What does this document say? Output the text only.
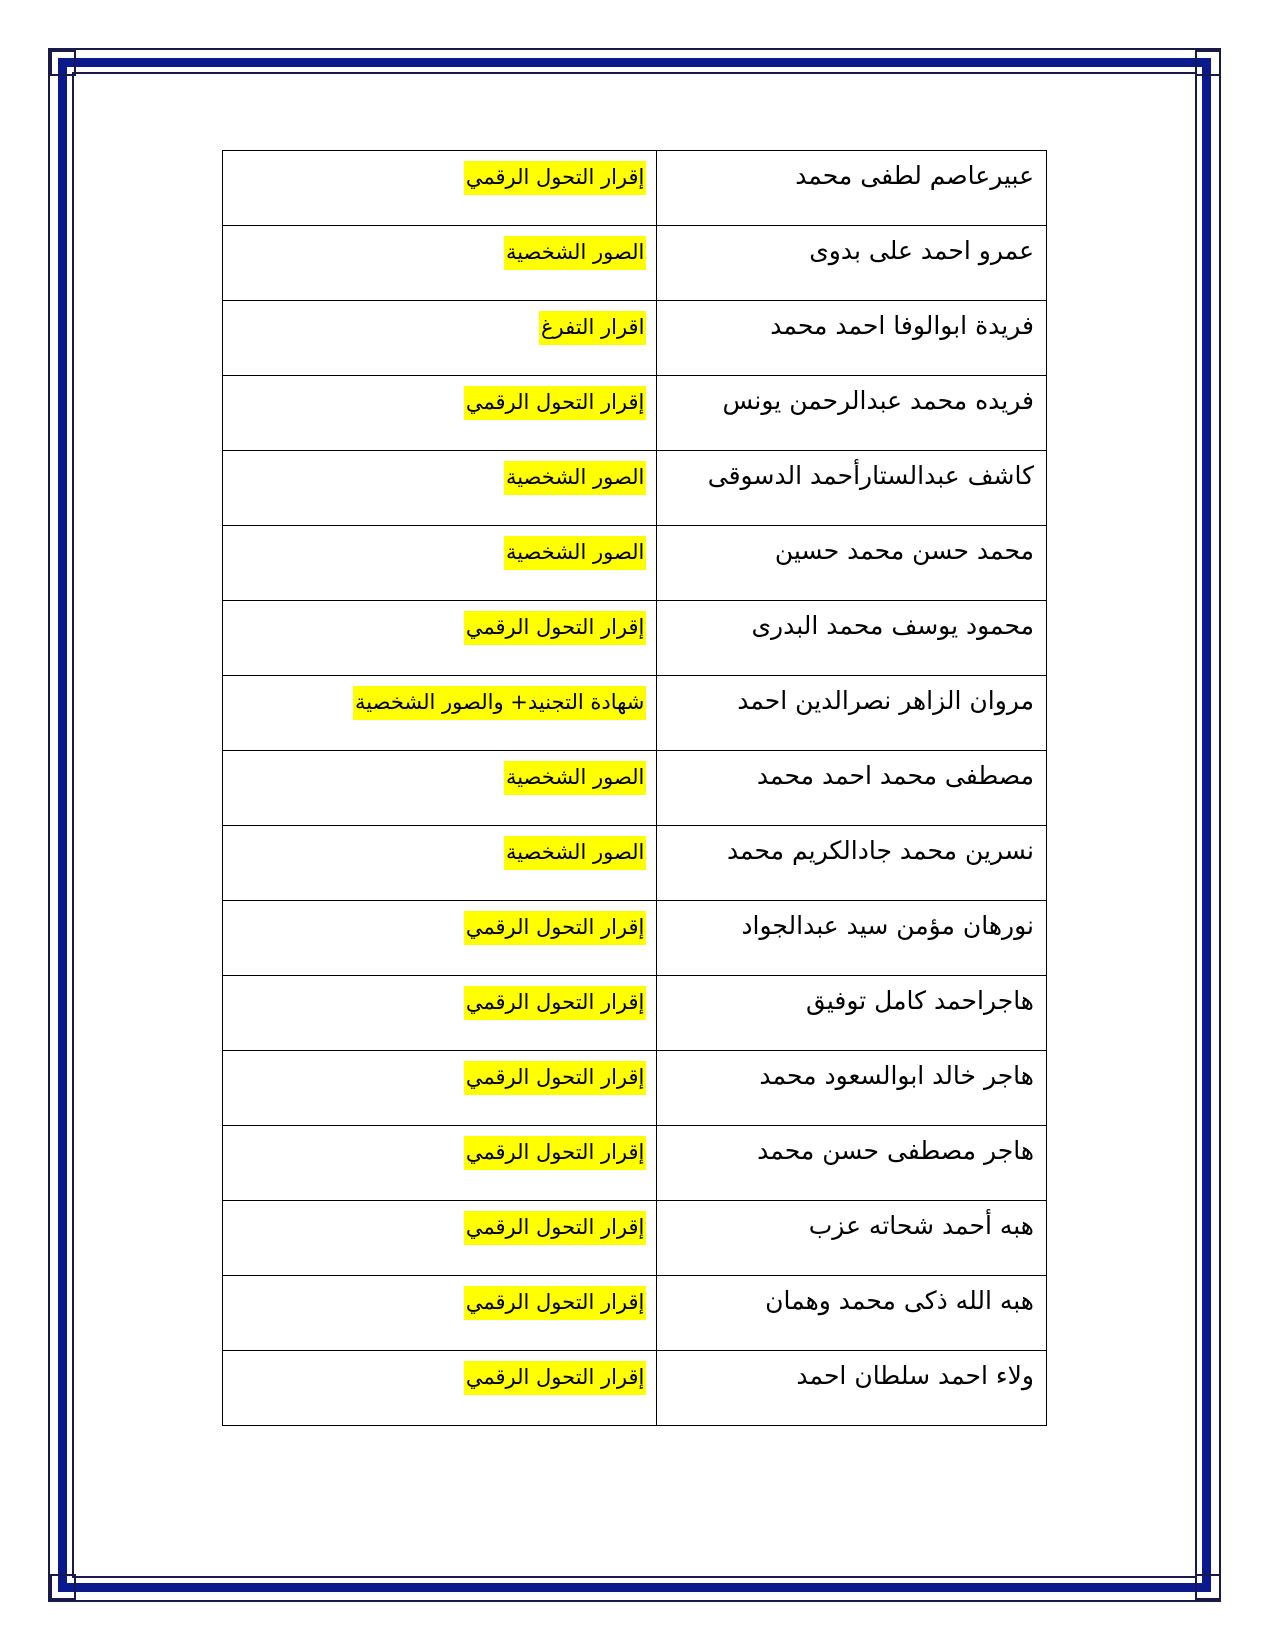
عبيرعاصم لطفى محمد	إقرار التحول الرقمي
عمرو احمد على بدوى	الصور الشخصية
فريدة ابوالوفا احمد محمد	اقرار التفرغ
فريده محمد عبدالرحمن يونس	إقرار التحول الرقمي
كاشف عبدالستارأحمد الدسوقى	الصور الشخصية
محمد حسن محمد حسين	الصور الشخصية
محمود يوسف محمد البدرى	إقرار التحول الرقمي
مروان الزاهر نصرالدين احمد	شهادة التجنيد+ والصور الشخصية
مصطفى محمد احمد محمد	الصور الشخصية
نسرين محمد جادالكريم محمد	الصور الشخصية
نورهان مؤمن سيد عبدالجواد	إقرار التحول الرقمي
هاجراحمد كامل توفيق	إقرار التحول الرقمي
هاجر خالد ابوالسعود محمد	إقرار التحول الرقمي
هاجر مصطفى حسن محمد	إقرار التحول الرقمي
هبه أحمد شحاته عزب	إقرار التحول الرقمي
هبه الله ذكى محمد وهمان	إقرار التحول الرقمي
ولاء احمد سلطان احمد	إقرار التحول الرقمي
